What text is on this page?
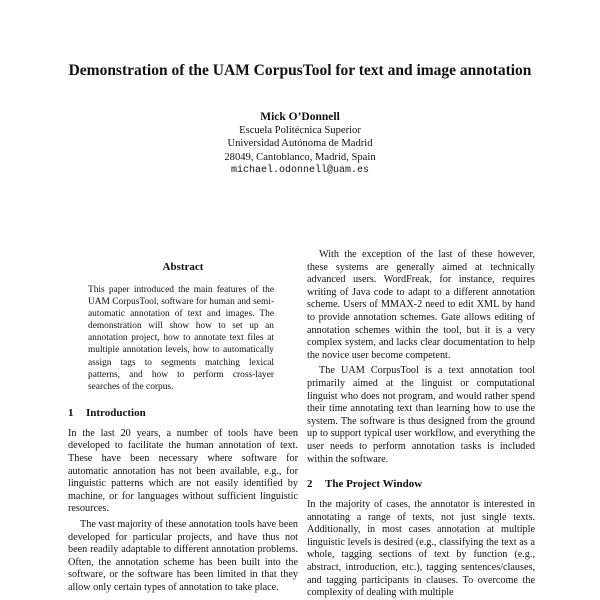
Demonstration of the UAM CorpusTool for text and image annotation
Mick O’Donnell
Escuela Politécnica Superior
Universidad Autónoma de Madrid
28049, Cantoblanco, Madrid, Spain
michael.odonnell@uam.es
Abstract

This paper introduced the main features of the UAM CorpusTool, software for human and semi-automatic annotation of text and images. The demonstration will show how to set up an annotation project, how to annotate text files at multiple annotation levels, how to automatically assign tags to segments matching lexical patterns, and how to perform cross-layer searches of the corpus.

1 Introduction

In the last 20 years, a number of tools have been developed to facilitate the human annotation of text. These have been necessary where software for automatic annotation has not been available, e.g., for linguistic patterns which are not easily identified by machine, or for languages without sufficient linguistic resources.

The vast majority of these annotation tools have been developed for particular projects, and have thus not been readily adaptable to different annotation problems. Often, the annotation scheme has been built into the software, or the software has been limited in that they allow only certain types of annotation to take place.

With the exception of the last of these however, these systems are generally aimed at technically advanced users. WordFreak, for instance, requires writing of Java code to adapt to a different annotation scheme. Users of MMAX-2 need to edit XML by hand to provide annotation schemes. Gate allows editing of annotation schemes within the tool, but it is a very complex system, and lacks clear documentation to help the novice user become competent.

The UAM CorpusTool is a text annotation tool primarily aimed at the linguist or computational linguist who does not program, and would rather spend their time annotating text than learning how to use the system. The software is thus designed from the ground up to support typical user workflow, and everything the user needs to perform annotation tasks is included within the software.

2 The Project Window

In the majority of cases, the annotator is interested in annotating a range of texts, not just single texts. Additionally, in most cases annotation at multiple linguistic levels is desired (e.g., classifying the text as a whole, tagging sections of text by function (e.g., abstract, introduction, etc.), tagging sentences/clauses, and tagging participants in clauses. To overcome the complexity of dealing with multiple
